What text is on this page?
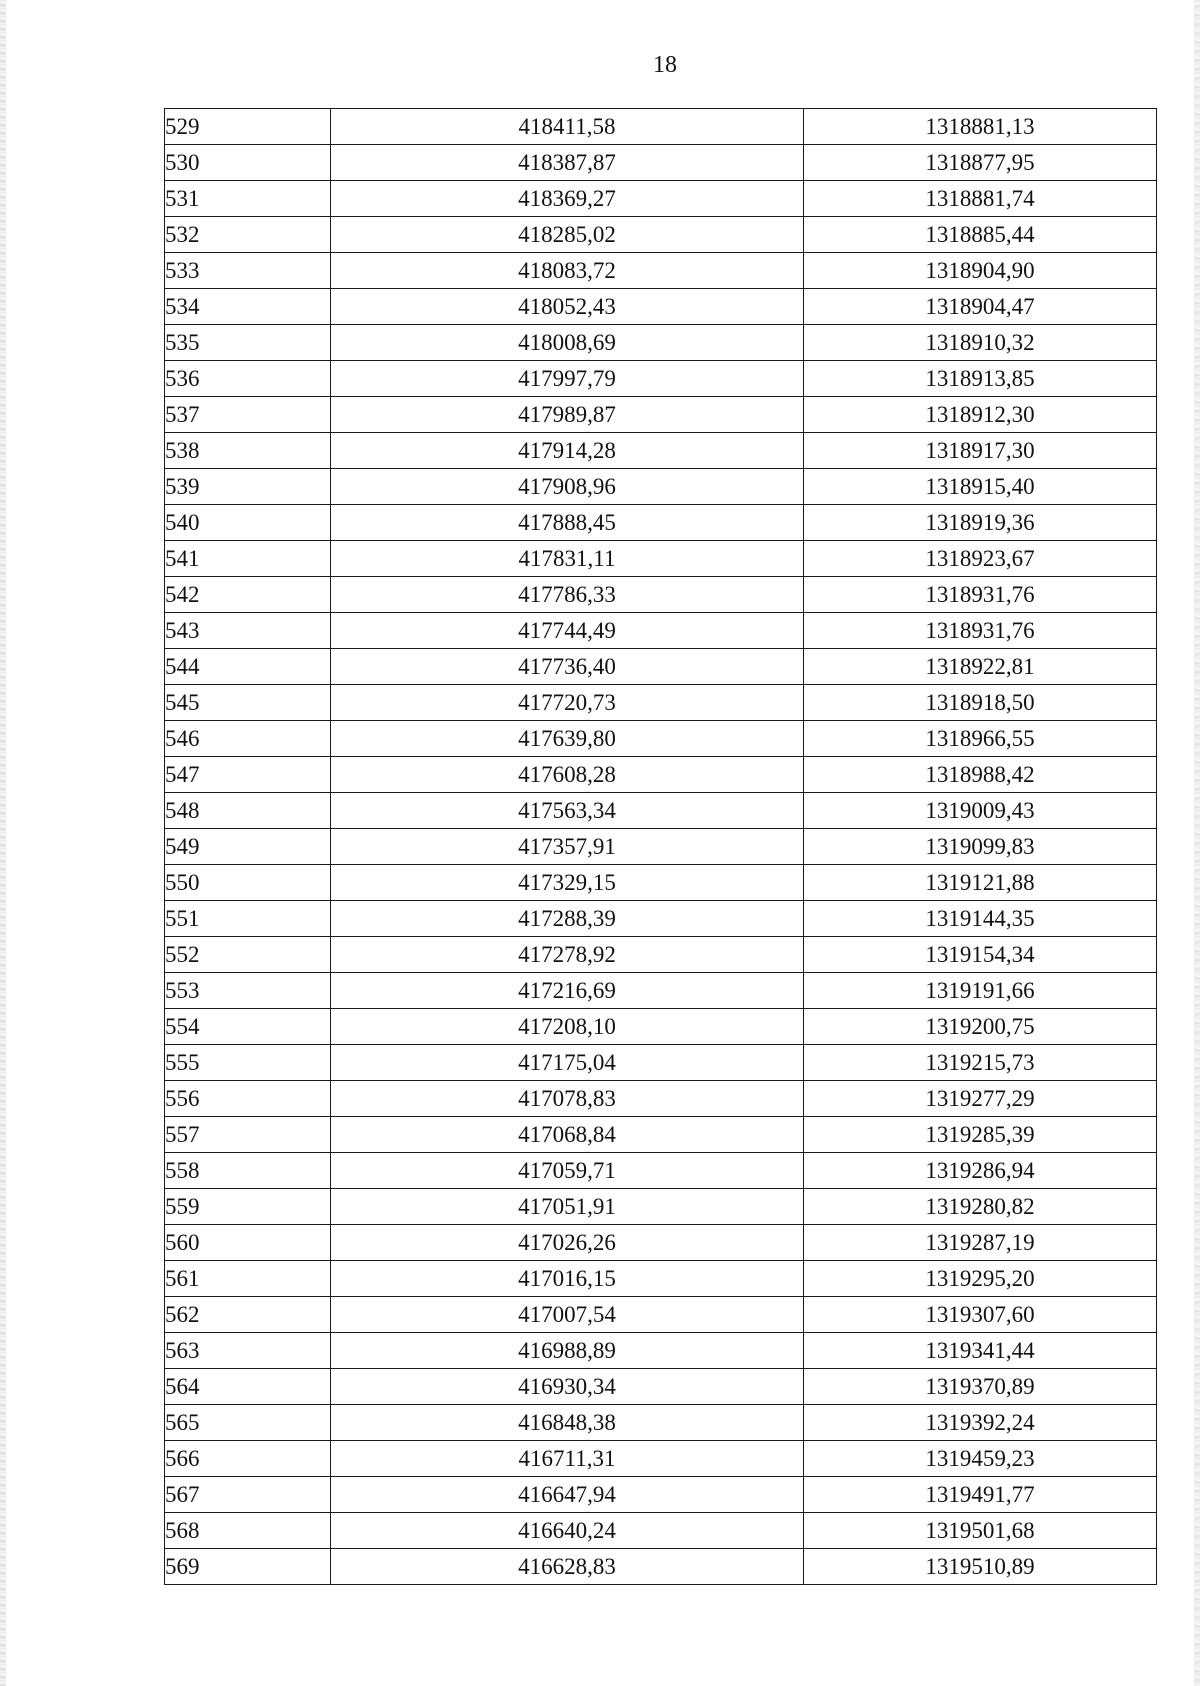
18
529	418411,58	1318881,13
530	418387,87	1318877,95
531	418369,27	1318881,74
532	418285,02	1318885,44
533	418083,72	1318904,90
534	418052,43	1318904,47
535	418008,69	1318910,32
536	417997,79	1318913,85
537	417989,87	1318912,30
538	417914,28	1318917,30
539	417908,96	1318915,40
540	417888,45	1318919,36
541	417831,11	1318923,67
542	417786,33	1318931,76
543	417744,49	1318931,76
544	417736,40	1318922,81
545	417720,73	1318918,50
546	417639,80	1318966,55
547	417608,28	1318988,42
548	417563,34	1319009,43
549	417357,91	1319099,83
550	417329,15	1319121,88
551	417288,39	1319144,35
552	417278,92	1319154,34
553	417216,69	1319191,66
554	417208,10	1319200,75
555	417175,04	1319215,73
556	417078,83	1319277,29
557	417068,84	1319285,39
558	417059,71	1319286,94
559	417051,91	1319280,82
560	417026,26	1319287,19
561	417016,15	1319295,20
562	417007,54	1319307,60
563	416988,89	1319341,44
564	416930,34	1319370,89
565	416848,38	1319392,24
566	416711,31	1319459,23
567	416647,94	1319491,77
568	416640,24	1319501,68
569	416628,83	1319510,89
